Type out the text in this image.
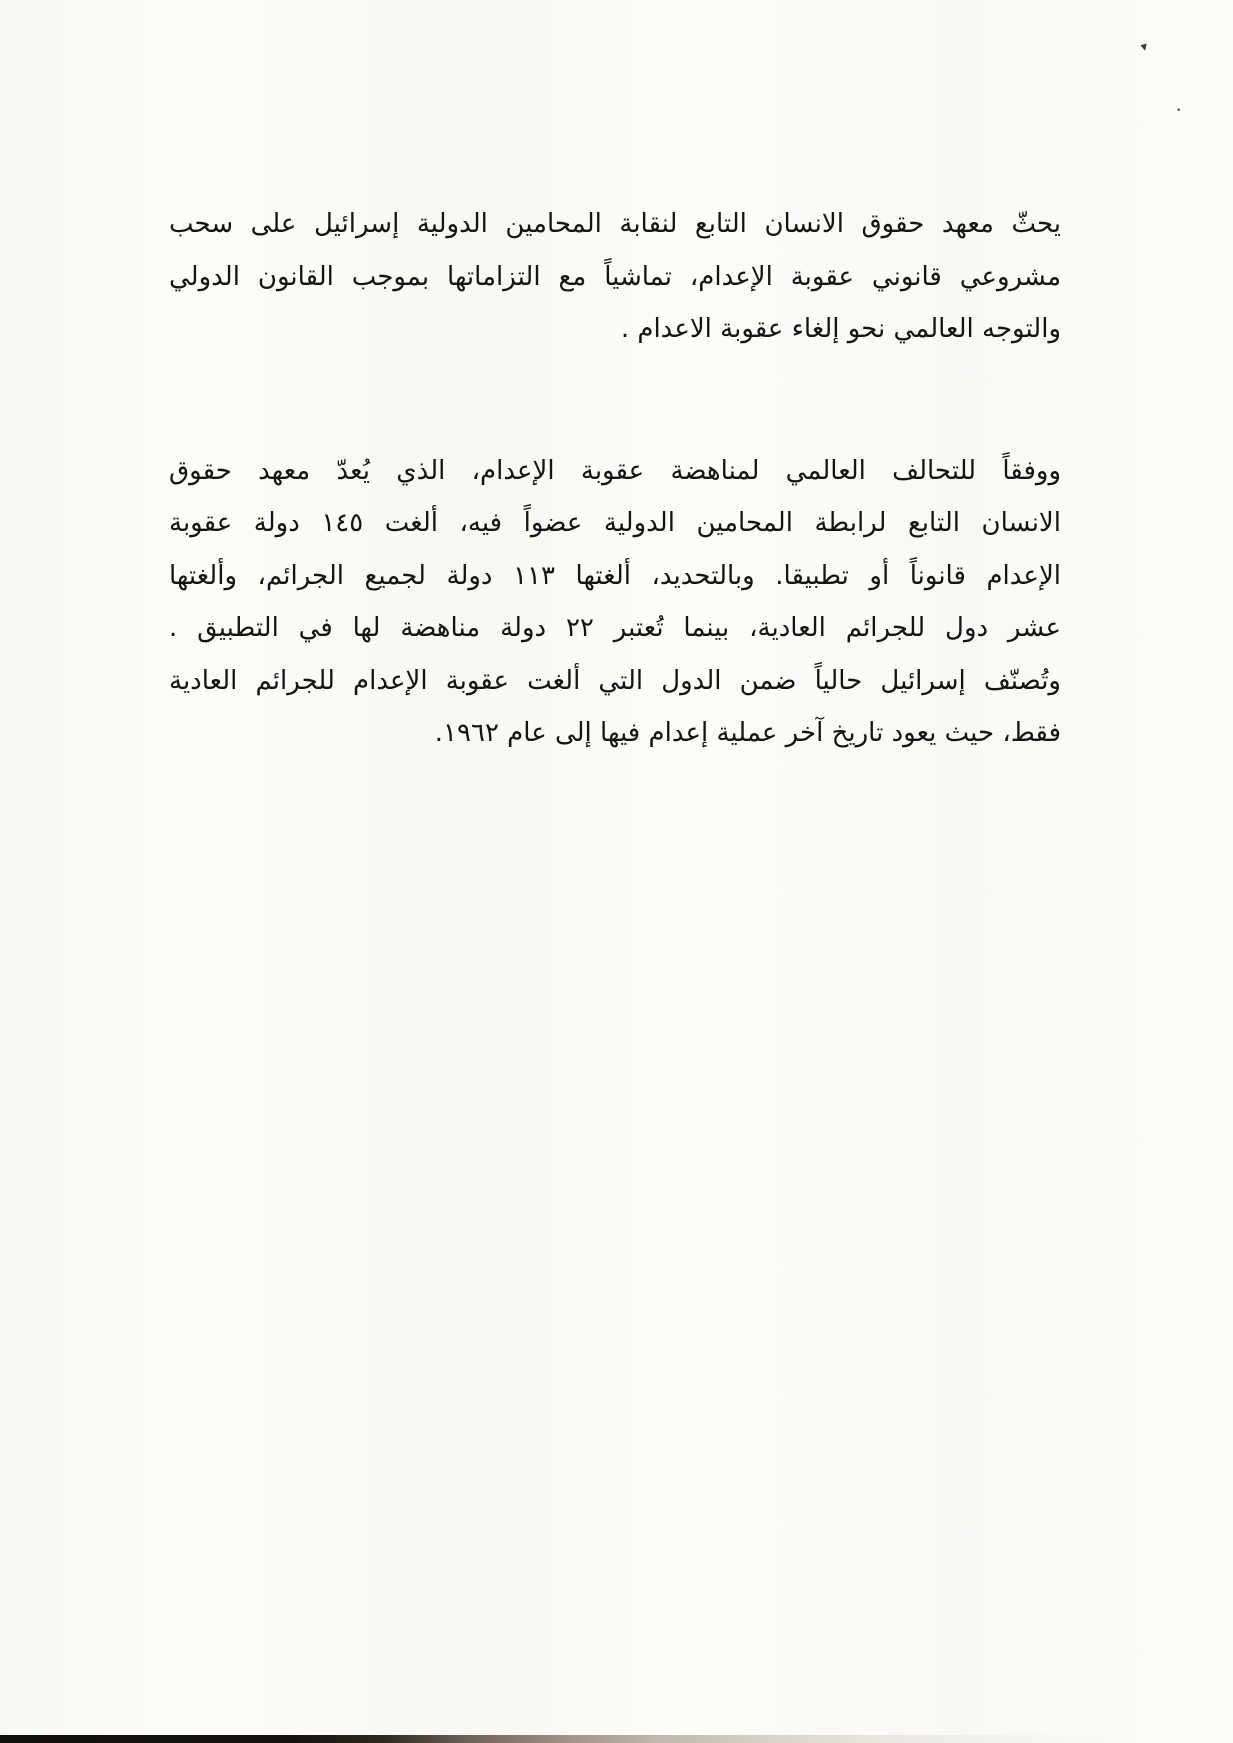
▾
•
يحثّ معهد حقوق الانسان التابع لنقابة المحامين الدولية إسرائيل على سحب
مشروعي قانوني عقوبة الإعدام، تماشياً مع التزاماتها بموجب القانون الدولي
والتوجه العالمي نحو إلغاء عقوبة الاعدام .
ووفقاً للتحالف العالمي لمناهضة عقوبة الإعدام، الذي يُعدّ معهد حقوق
الانسان التابع لرابطة المحامين الدولية عضواً فيه، ألغت ١٤٥ دولة عقوبة
الإعدام قانوناً أو تطبيقا. وبالتحديد، ألغتها ١١٣ دولة لجميع الجرائم، وألغتها
عشر دول للجرائم العادية، بينما تُعتبر ٢٢ دولة مناهضة لها في التطبيق .
وتُصنّف إسرائيل حالياً ضمن الدول التي ألغت عقوبة الإعدام للجرائم العادية
فقط، حيث يعود تاريخ آخر عملية إعدام فيها إلى عام ١٩٦٢.
